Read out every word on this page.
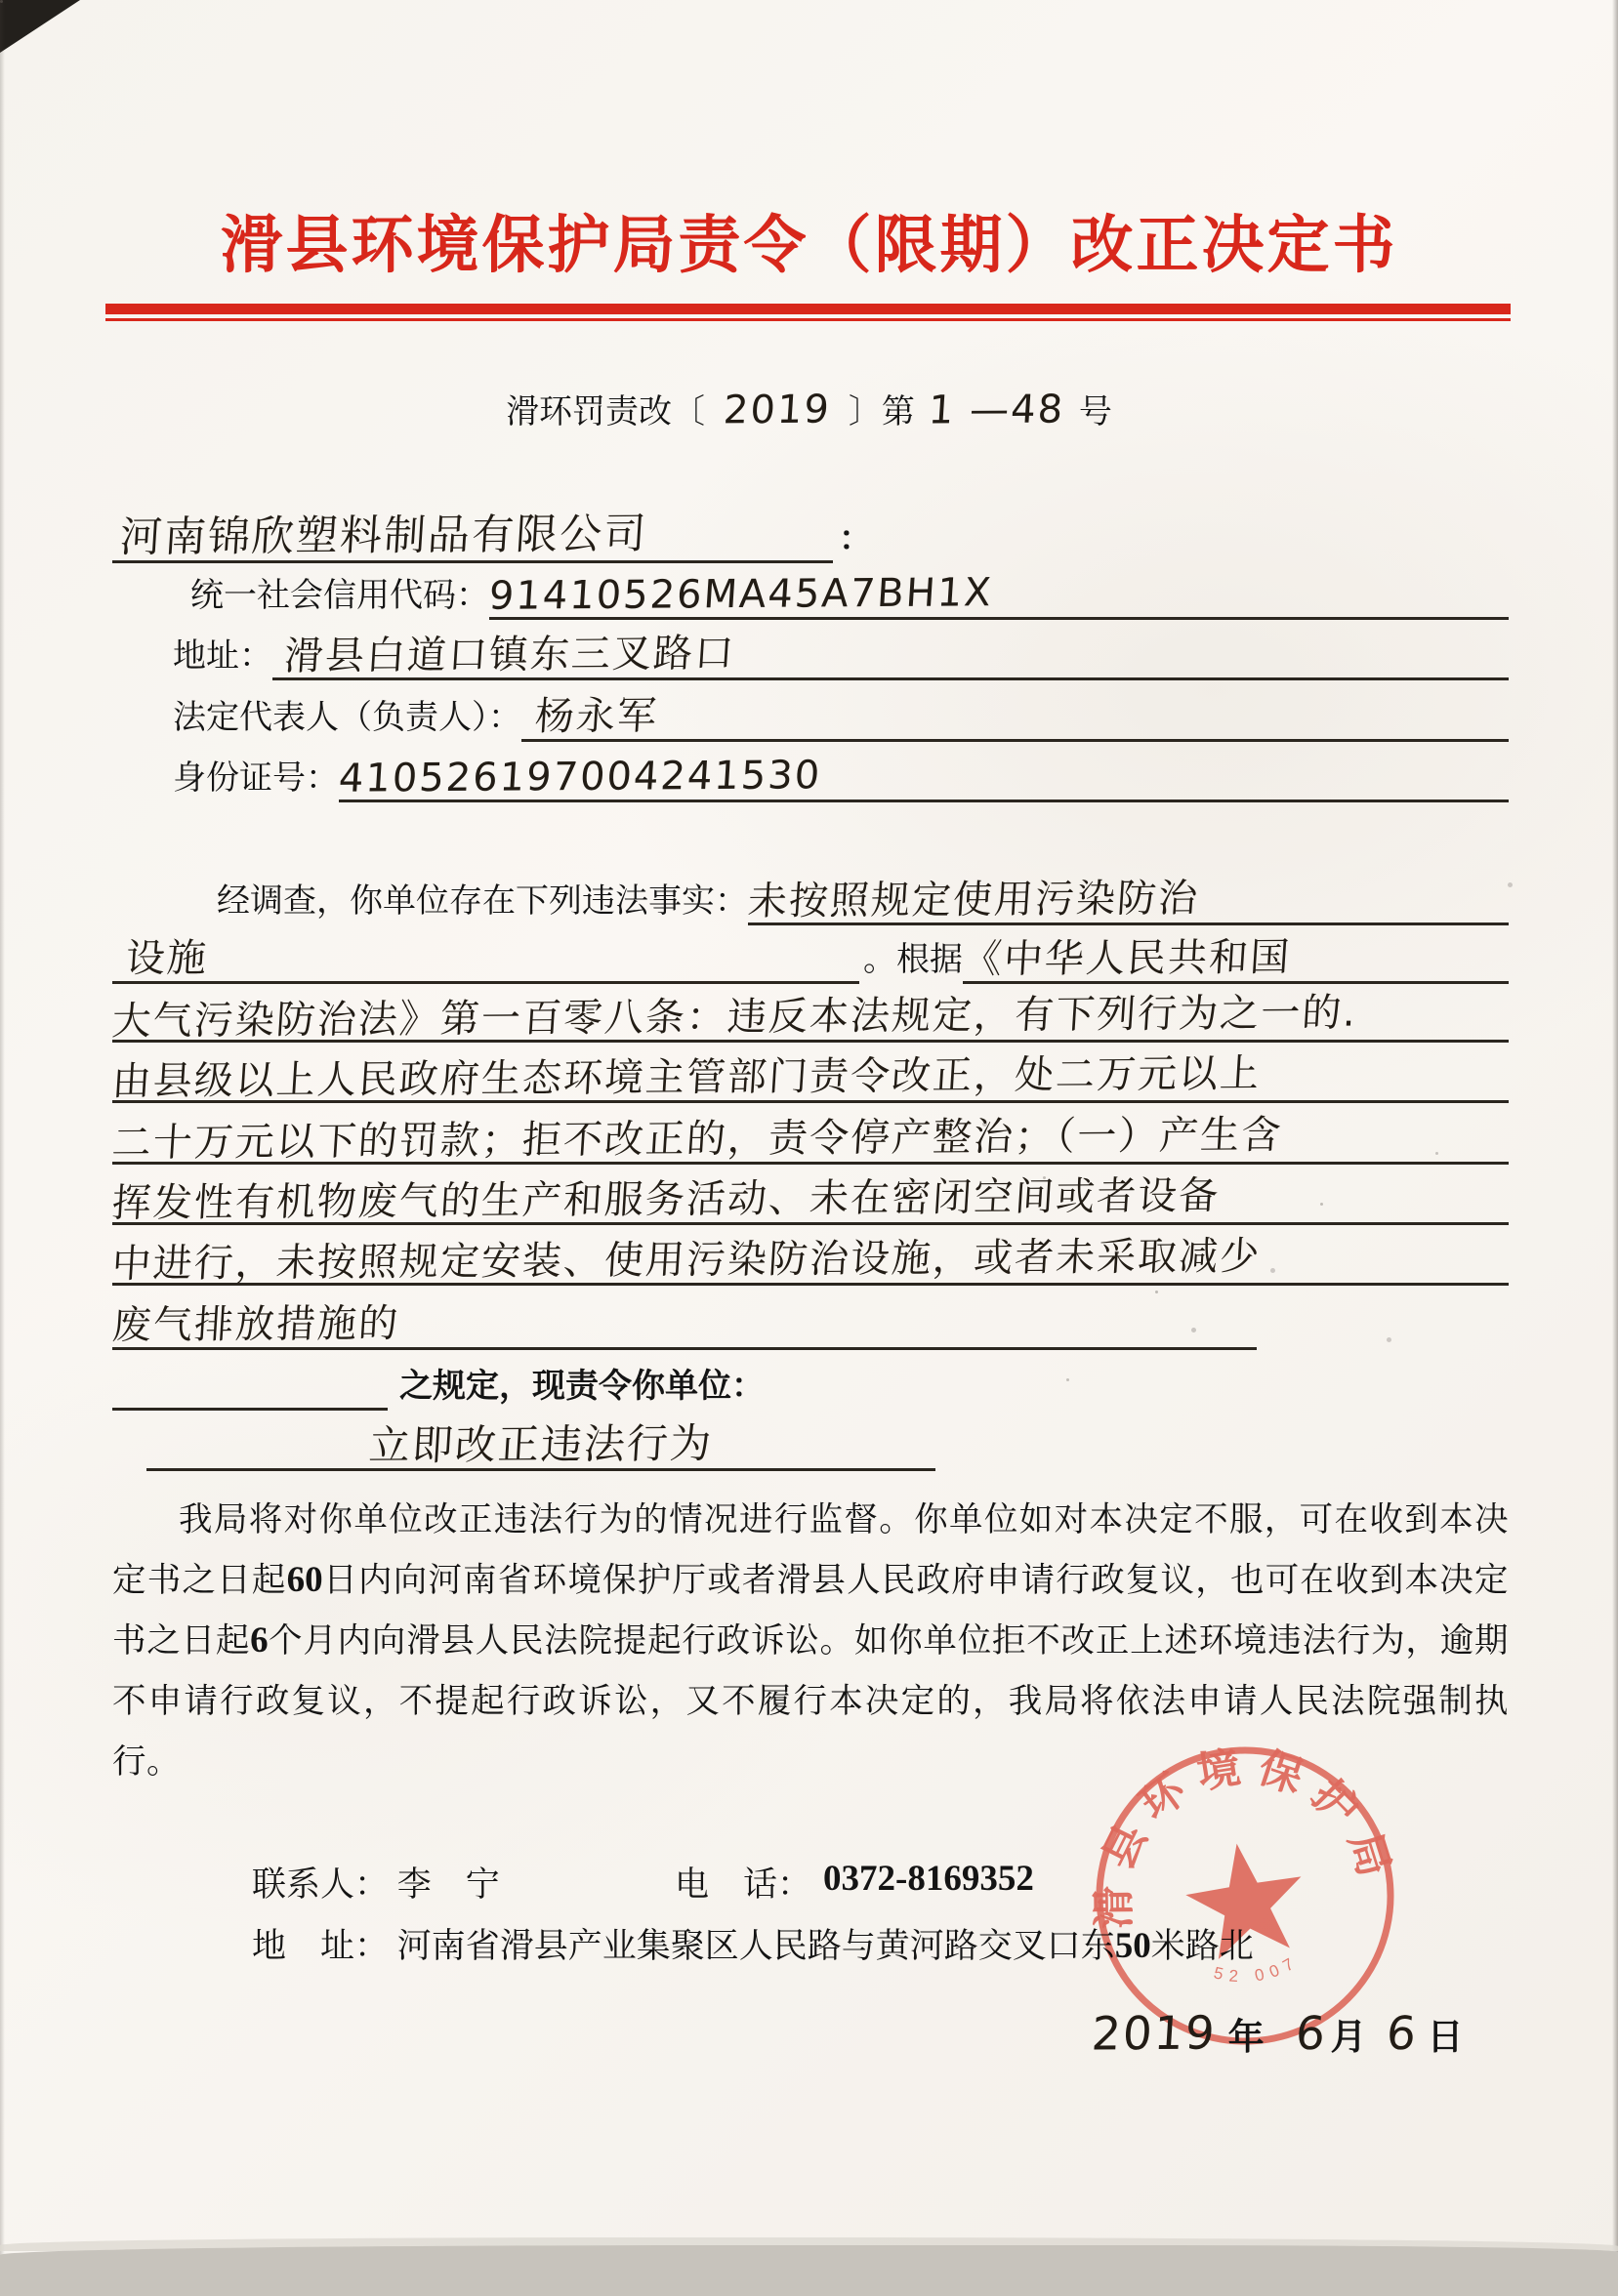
滑县环境保护局责令（限期）改正决定书
滑环罚责改〔 2019 〕第 1 —48 号
河南锦欣塑料制品有限公司	：
统一社会信用代码：
91410526MA45A7BH1X
地址： 滑县白道口镇东三叉路口
法定代表人（负责人）： 杨永军
身份证号：
410526197004241530
经调查，你单位存在下列违法事实：
未按照规定使用污染防治
设施	。根据
《中华人民共和国
大气污染防治法》第一百零八条：违反本法规定，有下列行为之一的.
由县级以上人民政府生态环境主管部门责令改正，处二万元以上
二十万元以下的罚款；拒不改正的，责令停产整治；（一）产生含
挥发性有机物废气的生产和服务活动、未在密闭空间或者设备
中进行，未按照规定安装、使用污染防治设施，或者未采取减少
废气排放措施的
之规定，现责令你单位：
立即改正违法行为
我局将对你单位改正违法行为的情况进行监督。你单位如对本决定不服，可在收到本决定书之日起60日内向河南省环境保护厅或者滑县人民政府申请行政复议，也可在收到本决定书之日起6个月内向滑县人民法院提起行政诉讼。如你单位拒不改正上述环境违法行为，逾期不申请行政复议，不提起行政诉讼，又不履行本决定的，我局将依法申请人民法院强制执行。
联系人： 李　宁	电　话： 0372-8169352
地　址： 河南省滑县产业集聚区人民路与黄河路交叉口东50米路北
滑县环境保护局
52 007
2019 年 6 月 6 日
